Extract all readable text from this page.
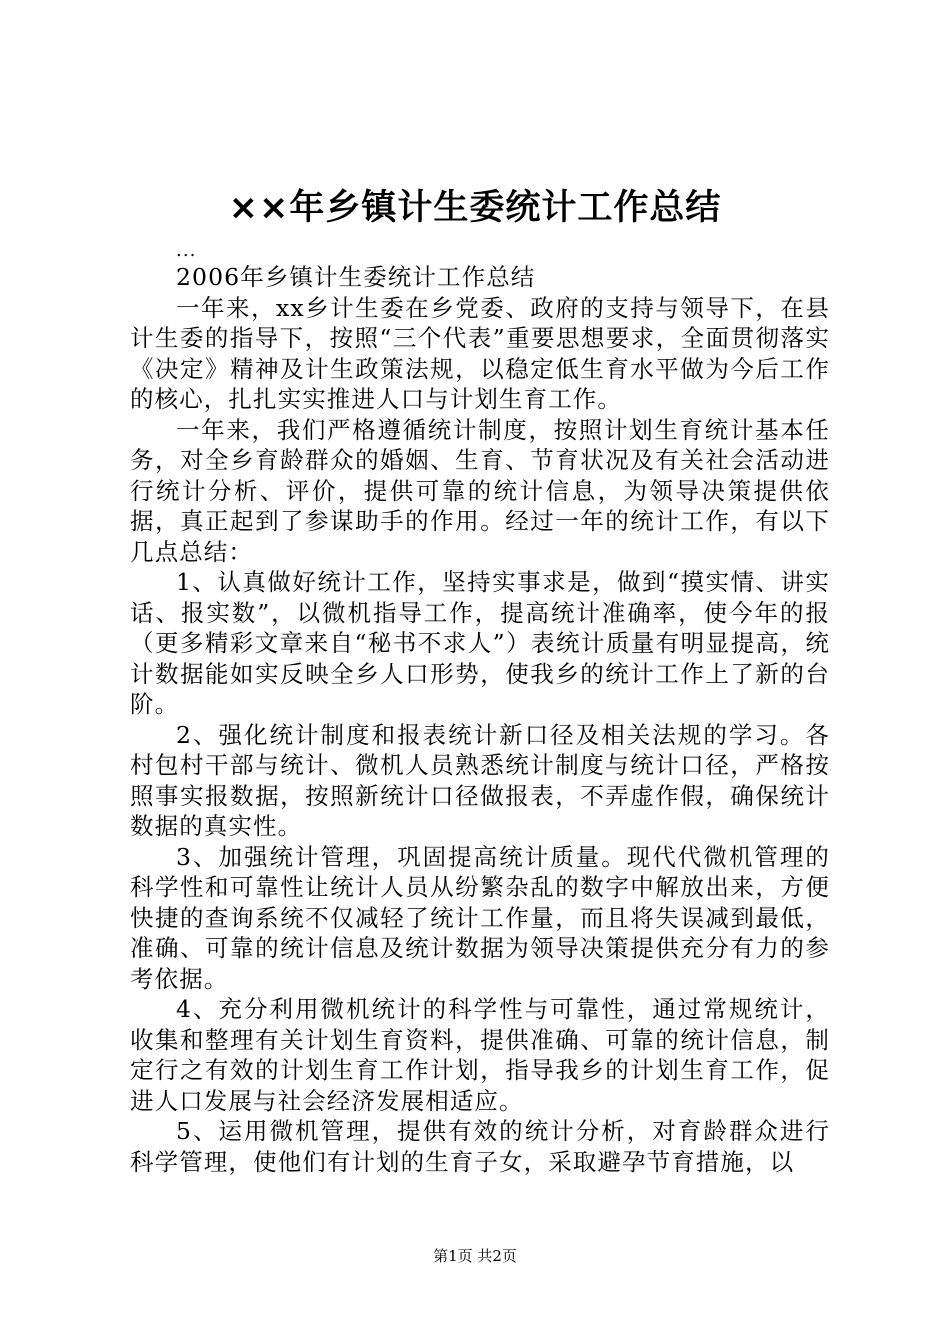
××年乡镇计生委统计工作总结

...

2006年乡镇计生委统计工作总结

一年来，xx乡计生委在乡党委、政府的支持与领导下，在县计生委的指导下，按照“三个代表”重要思想要求，全面贯彻落实《决定》精神及计生政策法规，以稳定低生育水平做为今后工作的核心，扎扎实实推进人口与计划生育工作。

一年来，我们严格遵循统计制度，按照计划生育统计基本任务，对全乡育龄群众的婚姻、生育、节育状况及有关社会活动进行统计分析、评价，提供可靠的统计信息，为领导决策提供依据，真正起到了参谋助手的作用。经过一年的统计工作，有以下几点总结：

1、认真做好统计工作，坚持实事求是，做到“摸实情、讲实话、报实数”，以微机指导工作，提高统计准确率，使今年的报（更多精彩文章来自“秘书不求人”）表统计质量有明显提高，统计数据能如实反映全乡人口形势，使我乡的统计工作上了新的台阶。

2、强化统计制度和报表统计新口径及相关法规的学习。各村包村干部与统计、微机人员熟悉统计制度与统计口径，严格按照事实报数据，按照新统计口径做报表，不弄虚作假，确保统计数据的真实性。

3、加强统计管理，巩固提高统计质量。现代代微机管理的科学性和可靠性让统计人员从纷繁杂乱的数字中解放出来，方便快捷的查询系统不仅减轻了统计工作量，而且将失误减到最低，准确、可靠的统计信息及统计数据为领导决策提供充分有力的参考依据。

4、充分利用微机统计的科学性与可靠性，通过常规统计，收集和整理有关计划生育资料，提供准确、可靠的统计信息，制定行之有效的计划生育工作计划，指导我乡的计划生育工作，促进人口发展与社会经济发展相适应。

5、运用微机管理，提供有效的统计分析，对育龄群众进行科学管理，使他们有计划的生育子女，采取避孕节育措施，以

第1页 共2页
